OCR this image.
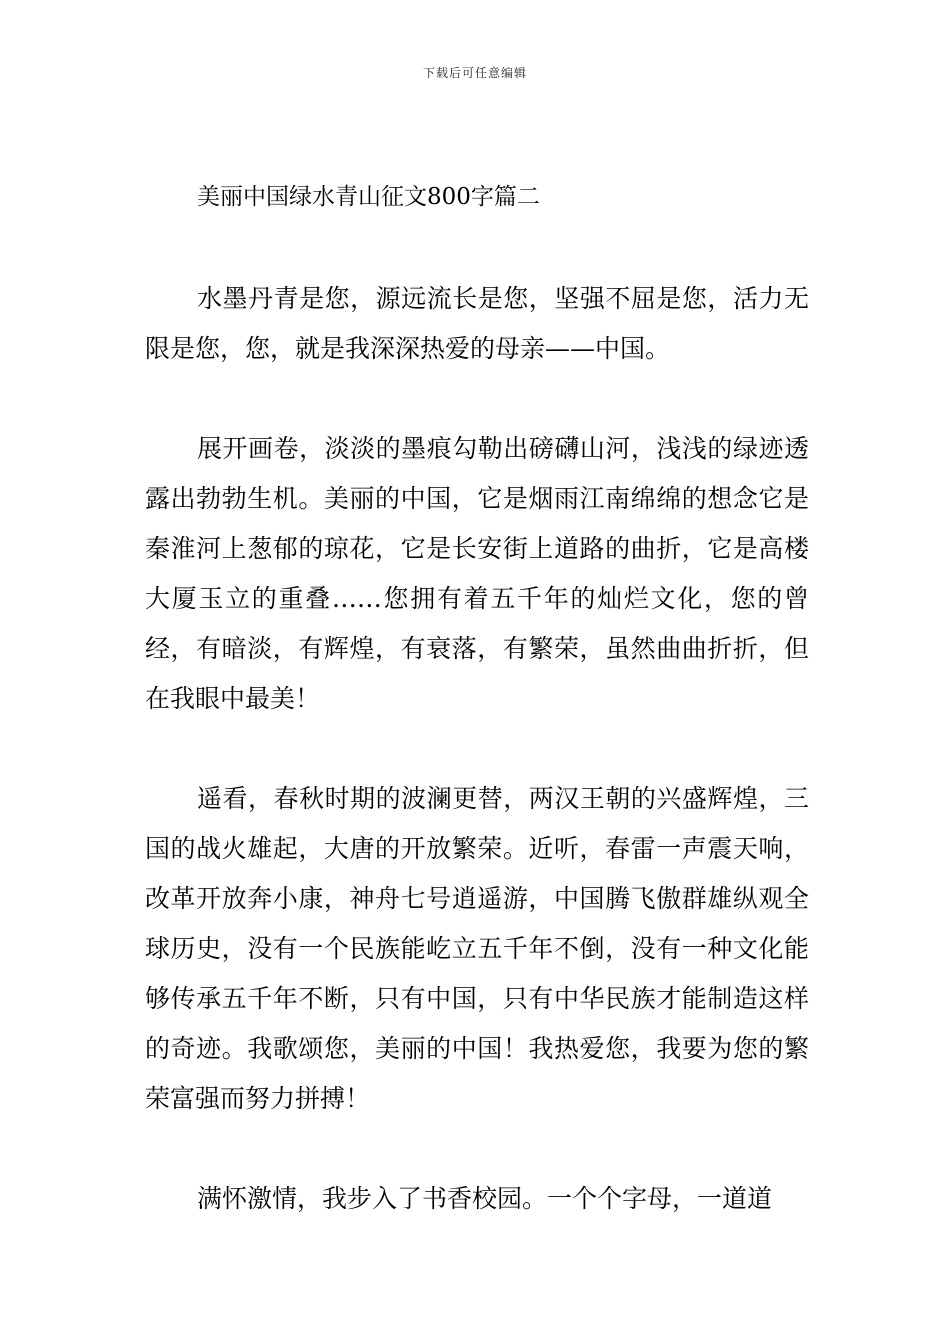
下载后可任意编辑
美丽中国绿水青山征文800字篇二

水墨丹青是您，源远流长是您，坚强不屈是您，活力无限是您，您，就是我深深热爱的母亲——中国。

展开画卷，淡淡的墨痕勾勒出磅礴山河，浅浅的绿迹透露出勃勃生机。美丽的中国，它是烟雨江南绵绵的想念它是秦淮河上葱郁的琼花，它是长安街上道路的曲折，它是高楼大厦玉立的重叠……您拥有着五千年的灿烂文化，您的曾经，有暗淡，有辉煌，有衰落，有繁荣，虽然曲曲折折，但在我眼中最美！

遥看，春秋时期的波澜更替，两汉王朝的兴盛辉煌，三国的战火雄起，大唐的开放繁荣。近听，春雷一声震天响，改革开放奔小康，神舟七号逍遥游，中国腾飞傲群雄纵观全球历史，没有一个民族能屹立五千年不倒，没有一种文化能够传承五千年不断，只有中国，只有中华民族才能制造这样的奇迹。我歌颂您，美丽的中国！我热爱您，我要为您的繁荣富强而努力拼搏！

满怀激情，我步入了书香校园。一个个字母，一道道
